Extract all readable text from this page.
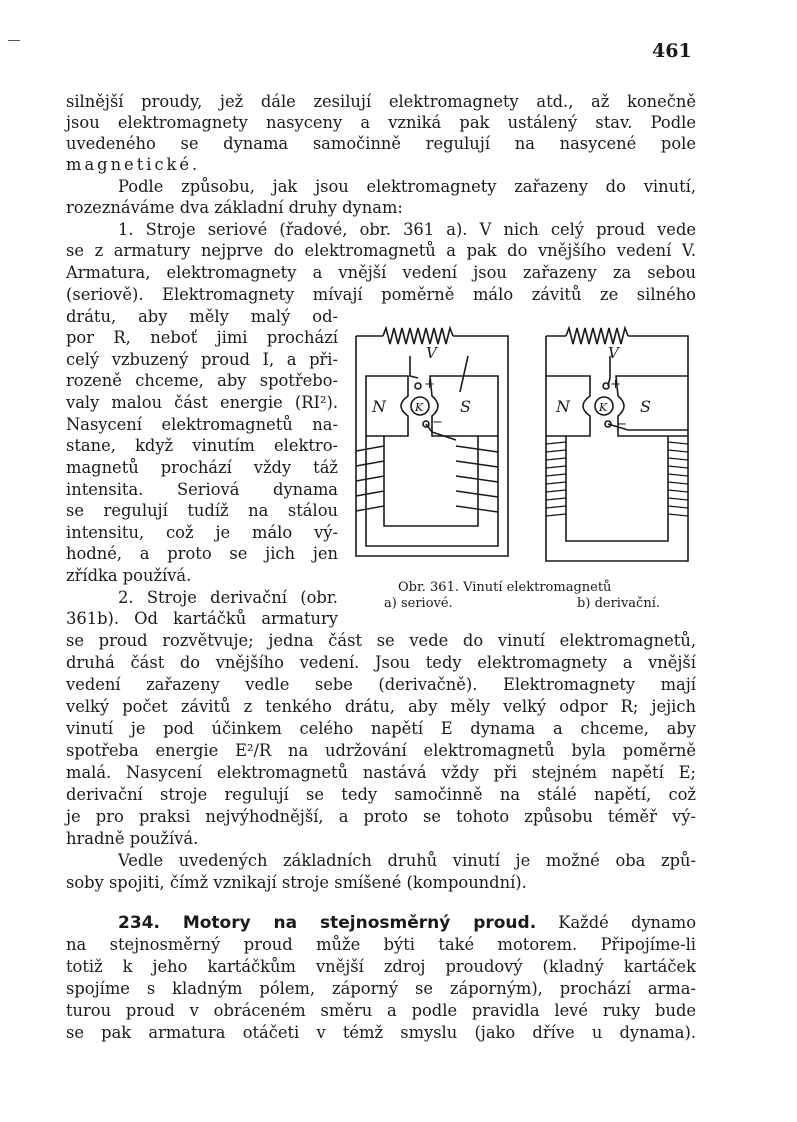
461
silnější proudy, jež dále zesilují elektromagnety atd., až konečně
jsou elektromagnety nasyceny a vzniká pak ustálený stav. Podle
uvedeného se dynama samočinně regulují na nasycené pole
magnetické.
Podle způsobu, jak jsou elektromagnety zařazeny do vinutí,
rozeznáváme dva základní druhy dynam:
1. Stroje seriové (řadové, obr. 361 a). V nich celý proud vede
se z armatury nejprve do elektromagnetů a pak do vnějšího vedení V.
Armatura, elektromagnety a vnější vedení jsou zařazeny za sebou
(seriově). Elektromagnety mívají poměrně málo závitů ze silného
drátu, aby měly malý od-
por R, neboť jimi prochází
celý vzbuzený proud I, a při-
rozeně chceme, aby spotřebo-
valy malou část energie (RI²).
Nasycení elektromagnetů na-
stane, když vinutím elektro-
magnetů prochází vždy táž
intensita. Seriová dynama
se regulují tudíž na stálou
intensitu, což je málo vý-
hodné, a proto se jich jen
zřídka používá.
2. Stroje derivační (obr.
361b). Od kartáčků armatury
se proud rozvětvuje; jedna část se vede do vinutí elektromagnetů,
druhá část do vnějšího vedení. Jsou tedy elektromagnety a vnější
vedení zařazeny vedle sebe (derivačně). Elektromagnety mají
velký počet závitů z tenkého drátu, aby měly velký odpor R; jejich
vinutí je pod účinkem celého napětí E dynama a chceme, aby
spotřeba energie E²/R na udržování elektromagnetů byla poměrně
malá. Nasycení elektromagnetů nastává vždy při stejném napětí E;
derivační stroje regulují se tedy samočinně na stálé napětí, což
je pro praksi nejvýhodnější, a proto se tohoto způsobu téměř vý-
hradně používá.
Vedle uvedených základních druhů vinutí je možné oba způ-
soby spojiti, čímž vznikají stroje smíšené (kompoundní).
234. Motory na stejnosměrný proud. Každé dynamo
na stejnosměrný proud může býti také motorem. Připojíme-li
totiž k jeho kartáčkům vnější zdroj proudový (kladný kartáček
spojíme s kladným pólem, záporný se záporným), prochází arma-
turou proud v obráceném směru a podle pravidla levé ruky bude
se pak armatura otáčeti v témž smyslu (jako dříve u dynama).
V
N	S
K
+
−
V
N	S
K
+
−
Obr. 361. Vinutí elektromagnetů
a) seriové.	b) derivační.
